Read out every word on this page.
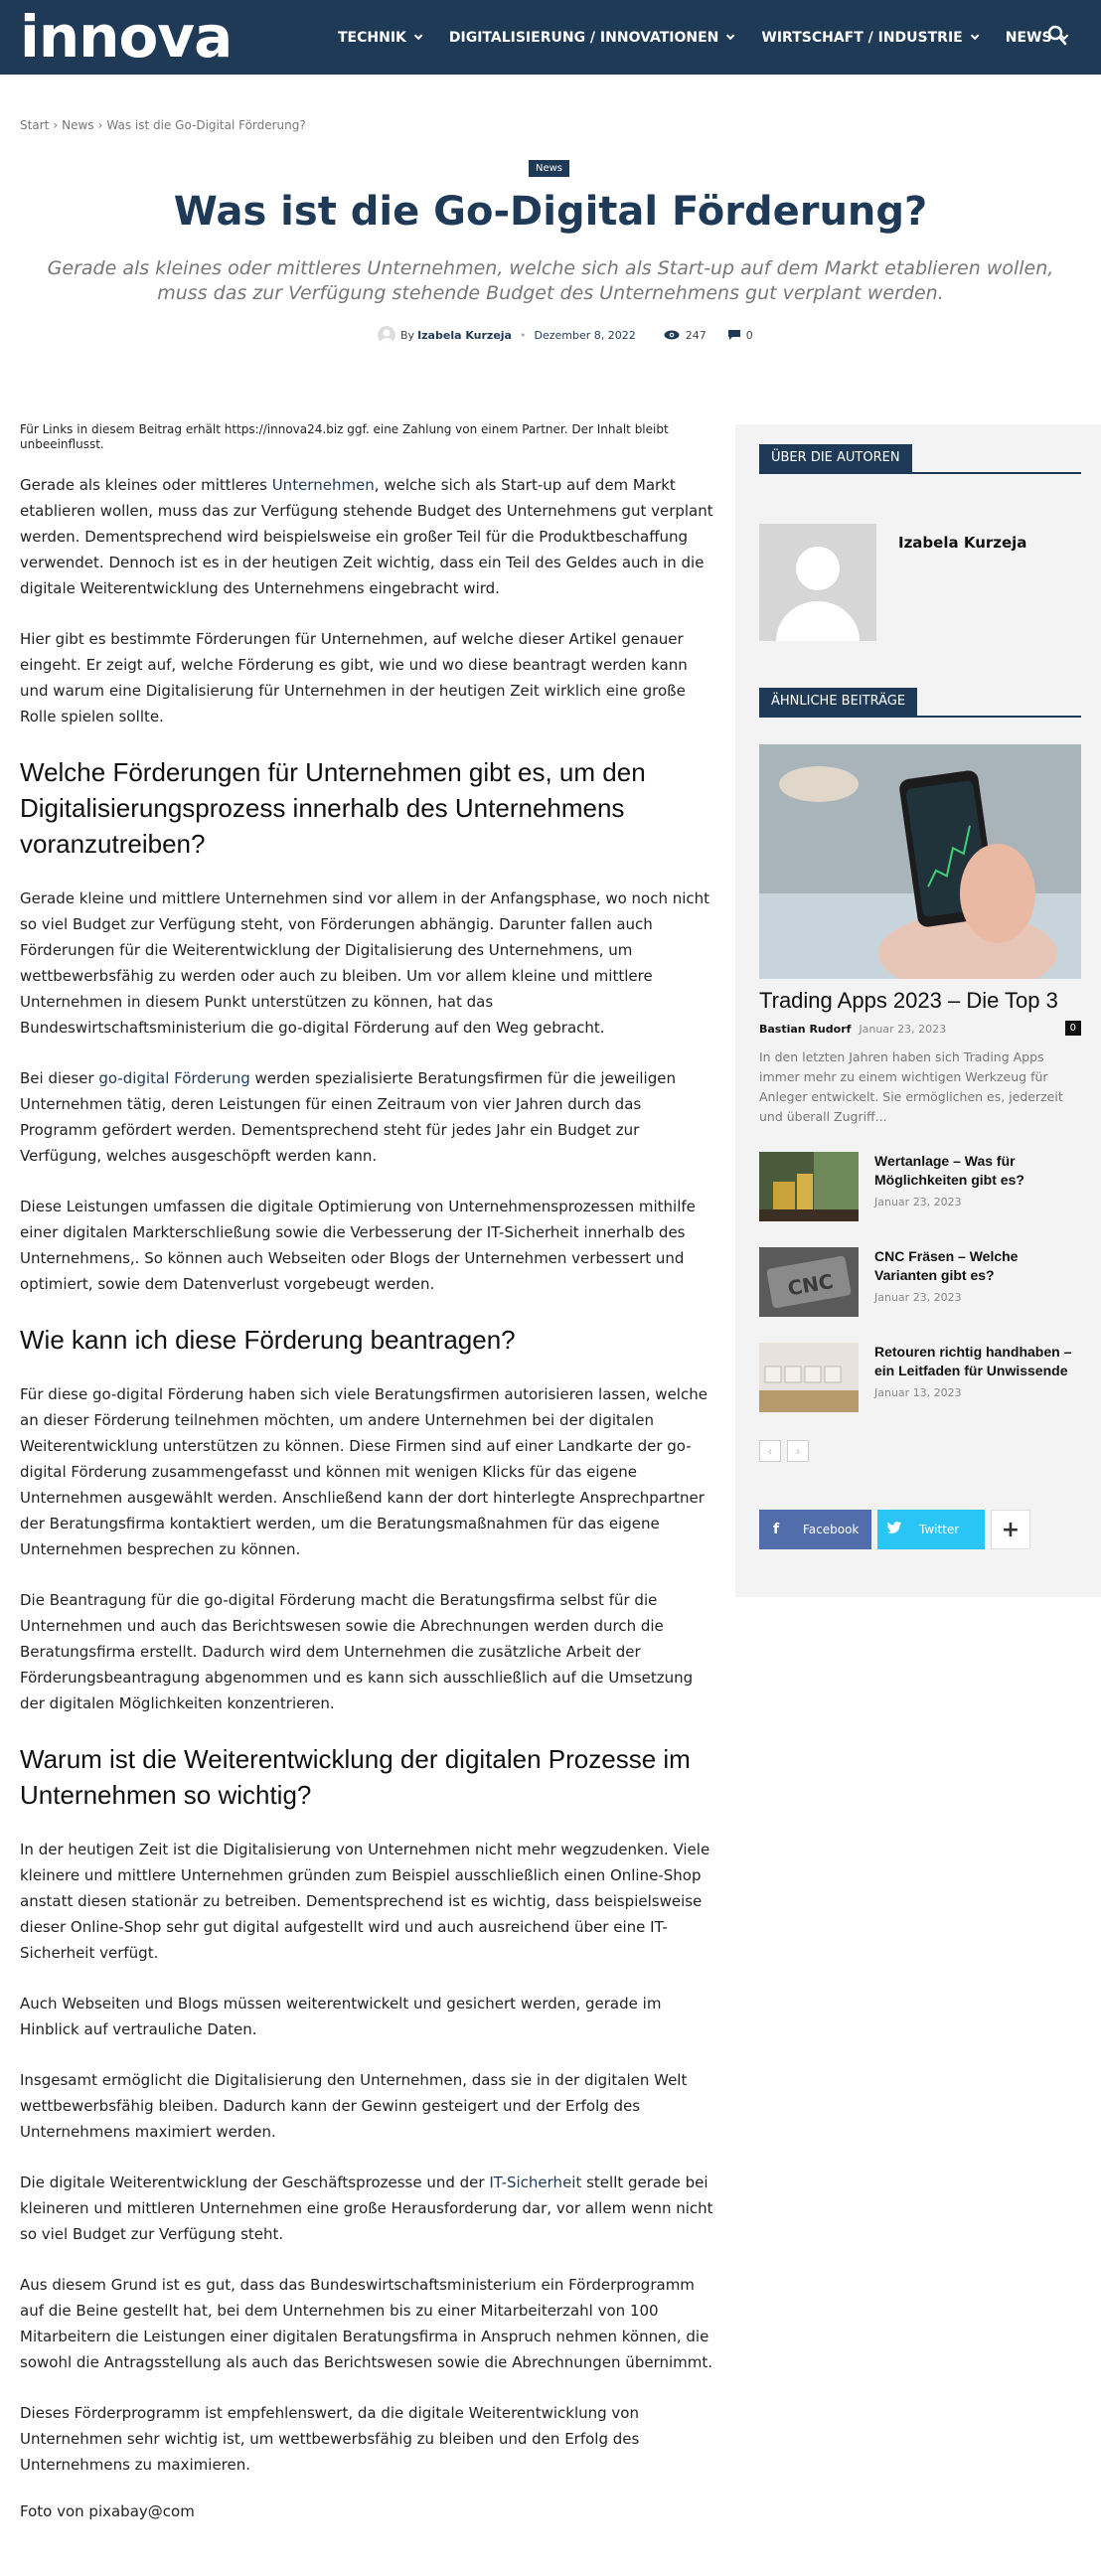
innova	TECHNIK	DIGITALISIERUNG / INNOVATIONEN	WIRTSCHAFT / INDUSTRIE	NEWS
Start › News › Was ist die Go-Digital Förderung?
News
Was ist die Go-Digital Förderung?
Gerade als kleines oder mittleres Unternehmen, welche sich als Start-up auf dem Markt etablieren wollen, muss das zur Verfügung stehende Budget des Unternehmens gut verplant werden.
By Izabela Kurzeja • Dezember 8, 2022	247	0
Für Links in diesem Beitrag erhält https://innova24.biz ggf. eine Zahlung von einem Partner. Der Inhalt bleibt unbeeinflusst.

Gerade als kleines oder mittleres Unternehmen, welche sich als Start-up auf dem Markt etablieren wollen, muss das zur Verfügung stehende Budget des Unternehmens gut verplant werden. Dementsprechend wird beispielsweise ein großer Teil für die Produktbeschaffung verwendet. Dennoch ist es in der heutigen Zeit wichtig, dass ein Teil des Geldes auch in die digitale Weiterentwicklung des Unternehmens eingebracht wird.

Hier gibt es bestimmte Förderungen für Unternehmen, auf welche dieser Artikel genauer eingeht. Er zeigt auf, welche Förderung es gibt, wie und wo diese beantragt werden kann und warum eine Digitalisierung für Unternehmen in der heutigen Zeit wirklich eine große Rolle spielen sollte.

Welche Förderungen für Unternehmen gibt es, um den Digitalisierungsprozess innerhalb des Unternehmens voranzutreiben?

Gerade kleine und mittlere Unternehmen sind vor allem in der Anfangsphase, wo noch nicht so viel Budget zur Verfügung steht, von Förderungen abhängig. Darunter fallen auch Förderungen für die Weiterentwicklung der Digitalisierung des Unternehmens, um wettbewerbsfähig zu werden oder auch zu bleiben. Um vor allem kleine und mittlere Unternehmen in diesem Punkt unterstützen zu können, hat das Bundeswirtschaftsministerium die go-digital Förderung auf den Weg gebracht.

Bei dieser go-digital Förderung werden spezialisierte Beratungsfirmen für die jeweiligen Unternehmen tätig, deren Leistungen für einen Zeitraum von vier Jahren durch das Programm gefördert werden. Dementsprechend steht für jedes Jahr ein Budget zur Verfügung, welches ausgeschöpft werden kann.

Diese Leistungen umfassen die digitale Optimierung von Unternehmensprozessen mithilfe einer digitalen Markterschließung sowie die Verbesserung der IT-Sicherheit innerhalb des Unternehmens,. So können auch Webseiten oder Blogs der Unternehmen verbessert und optimiert, sowie dem Datenverlust vorgebeugt werden.

Wie kann ich diese Förderung beantragen?

Für diese go-digital Förderung haben sich viele Beratungsfirmen autorisieren lassen, welche an dieser Förderung teilnehmen möchten, um andere Unternehmen bei der digitalen Weiterentwicklung unterstützen zu können. Diese Firmen sind auf einer Landkarte der go-digital Förderung zusammengefasst und können mit wenigen Klicks für das eigene Unternehmen ausgewählt werden. Anschließend kann der dort hinterlegte Ansprechpartner der Beratungsfirma kontaktiert werden, um die Beratungsmaßnahmen für das eigene Unternehmen besprechen zu können.

Die Beantragung für die go-digital Förderung macht die Beratungsfirma selbst für die Unternehmen und auch das Berichtswesen sowie die Abrechnungen werden durch die Beratungsfirma erstellt. Dadurch wird dem Unternehmen die zusätzliche Arbeit der Förderungsbeantragung abgenommen und es kann sich ausschließlich auf die Umsetzung der digitalen Möglichkeiten konzentrieren.

Warum ist die Weiterentwicklung der digitalen Prozesse im Unternehmen so wichtig?

In der heutigen Zeit ist die Digitalisierung von Unternehmen nicht mehr wegzudenken. Viele kleinere und mittlere Unternehmen gründen zum Beispiel ausschließlich einen Online-Shop anstatt diesen stationär zu betreiben. Dementsprechend ist es wichtig, dass beispielsweise dieser Online-Shop sehr gut digital aufgestellt wird und auch ausreichend über eine IT-Sicherheit verfügt.

Auch Webseiten und Blogs müssen weiterentwickelt und gesichert werden, gerade im Hinblick auf vertrauliche Daten.

Insgesamt ermöglicht die Digitalisierung den Unternehmen, dass sie in der digitalen Welt wettbewerbsfähig bleiben. Dadurch kann der Gewinn gesteigert und der Erfolg des Unternehmens maximiert werden.

Die digitale Weiterentwicklung der Geschäftsprozesse und der IT-Sicherheit stellt gerade bei kleineren und mittleren Unternehmen eine große Herausforderung dar, vor allem wenn nicht so viel Budget zur Verfügung steht.

Aus diesem Grund ist es gut, dass das Bundeswirtschaftsministerium ein Förderprogramm auf die Beine gestellt hat, bei dem Unternehmen bis zu einer Mitarbeiterzahl von 100 Mitarbeitern die Leistungen einer digitalen Beratungsfirma in Anspruch nehmen können, die sowohl die Antragsstellung als auch das Berichtswesen sowie die Abrechnungen übernimmt.

Dieses Förderprogramm ist empfehlenswert, da die digitale Weiterentwicklung von Unternehmen sehr wichtig ist, um wettbewerbsfähig zu bleiben und den Erfolg des Unternehmens zu maximieren.

Foto von pixabay@com
ÜBER DIE AUTOREN
Izabela Kurzeja
ÄHNLICHE BEITRÄGE
Trading Apps 2023 – Die Top 3
Bastian Rudorf Januar 23, 2023	0
In den letzten Jahren haben sich Trading Apps immer mehr zu einem wichtigen Werkzeug für Anleger entwickelt. Sie ermöglichen es, jederzeit und überall Zugriff...
Wertanlage – Was für Möglichkeiten gibt es?
Januar 23, 2023
CNC
CNC Fräsen – Welche Varianten gibt es?
Januar 23, 2023
Retouren richtig handhaben – ein Leitfaden für Unwissende
Januar 13, 2023
‹ ›
f	Facebook	Twitter +
